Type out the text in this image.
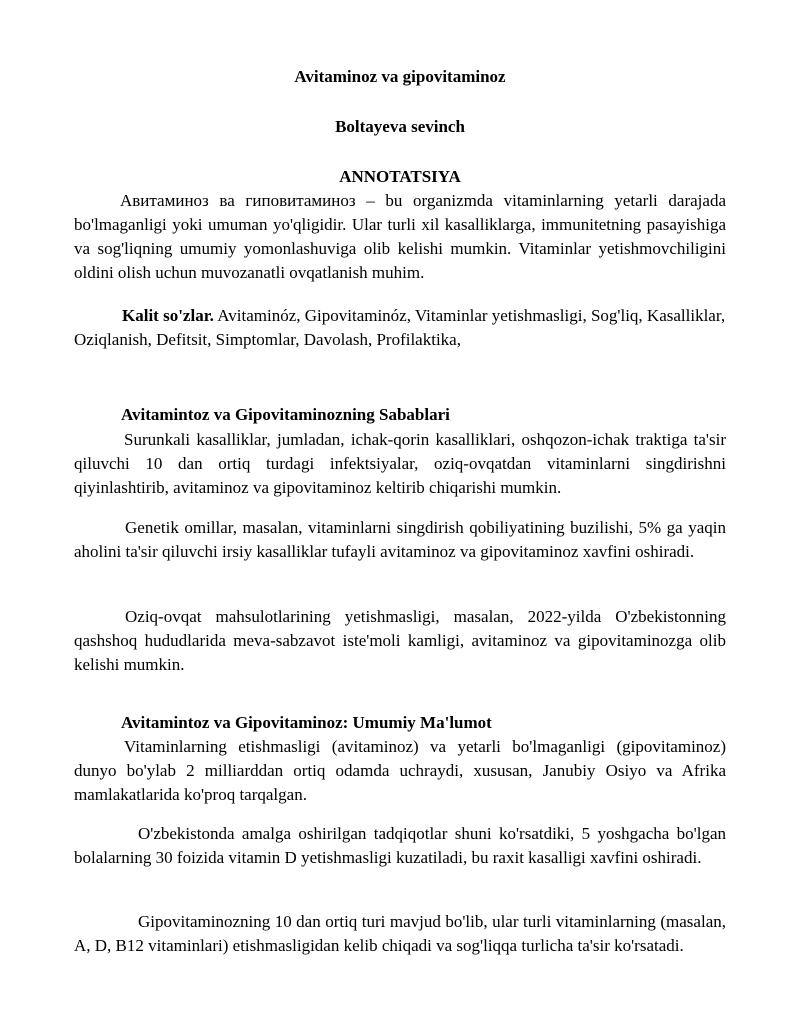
Avitaminoz va gipovitaminoz
Boltayeva sevinch
ANNOTATSIYA

Авитаминоз ва гиповитаминоз – bu organizmda vitaminlarning yetarli darajada bo'lmaganligi yoki umuman yo'qligidir. Ular turli xil kasalliklarga, immunitetning pasayishiga va sog'liqning umumiy yomonlashuviga olib kelishi mumkin. Vitaminlar yetishmovchiligini oldini olish uchun muvozanatli ovqatlanish muhim.

Kalit so'zlar. Avitaminóz, Gipovitaminóz, Vitaminlar yetishmasligi, Sog'liq, Kasalliklar, Oziqlanish, Defitsit, Simptomlar, Davolash, Profilaktika,

Avitamintoz va Gipovitaminozning Sabablari

Surunkali kasalliklar, jumladan, ichak-qorin kasalliklari, oshqozon-ichak traktiga ta'sir qiluvchi 10 dan ortiq turdagi infektsiyalar, oziq-ovqatdan vitaminlarni singdirishni qiyinlashtirib, avitaminoz va gipovitaminoz keltirib chiqarishi mumkin.

Genetik omillar, masalan, vitaminlarni singdirish qobiliyatining buzilishi, 5% ga yaqin aholini ta'sir qiluvchi irsiy kasalliklar tufayli avitaminoz va gipovitaminoz xavfini oshiradi.

Oziq-ovqat mahsulotlarining yetishmasligi, masalan, 2022-yilda O'zbekistonning qashshoq hududlarida meva-sabzavot iste'moli kamligi, avitaminoz va gipovitaminozga olib kelishi mumkin.

Avitamintoz va Gipovitaminoz: Umumiy Ma'lumot

Vitaminlarning etishmasligi (avitaminoz) va yetarli bo'lmaganligi (gipovitaminoz) dunyo bo'ylab 2 milliarddan ortiq odamda uchraydi, xususan, Janubiy Osiyo va Afrika mamlakatlarida ko'proq tarqalgan.

O'zbekistonda amalga oshirilgan tadqiqotlar shuni ko'rsatdiki, 5 yoshgacha bo'lgan bolalarning 30 foizida vitamin D yetishmasligi kuzatiladi, bu raxit kasalligi xavfini oshiradi.

Gipovitaminozning 10 dan ortiq turi mavjud bo'lib, ular turli vitaminlarning (masalan, A, D, B12 vitaminlari) etishmasligidan kelib chiqadi va sog'liqqa turlicha ta'sir ko'rsatadi.
